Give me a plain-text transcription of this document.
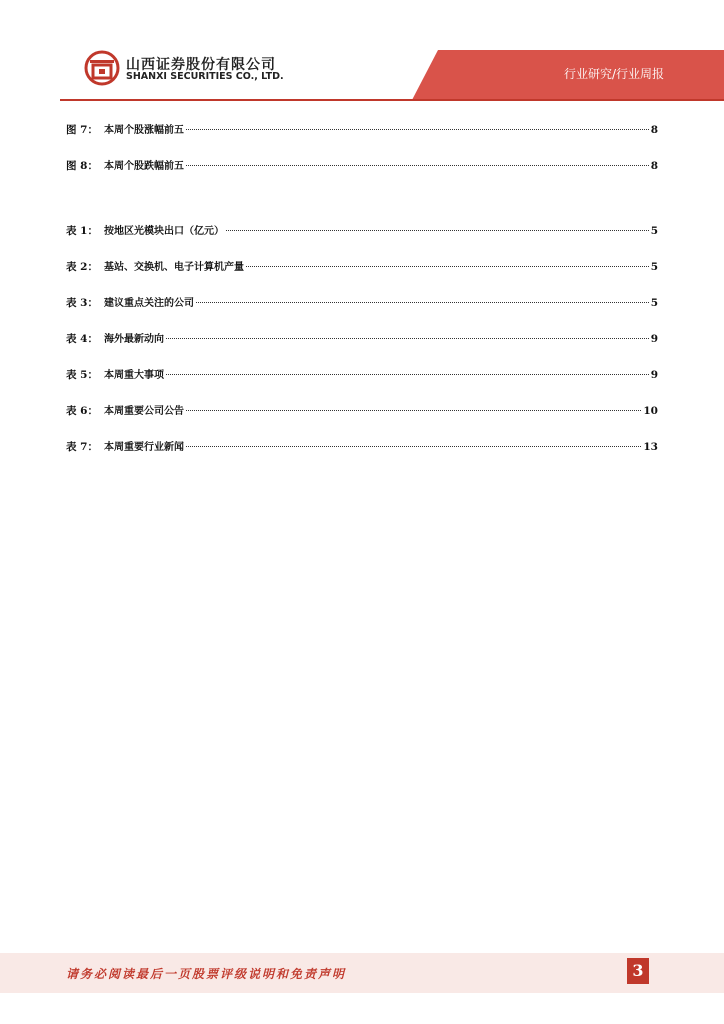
山西证券股份有限公司
SHANXI SECURITIES CO., LTD.	行业研究/行业周报
图 7： 本周个股涨幅前五	8
图 8： 本周个股跌幅前五	8
表 1： 按地区光模块出口（亿元）	5
表 2： 基站、交换机、电子计算机产量	5
表 3： 建议重点关注的公司	5
表 4： 海外最新动向	9
表 5： 本周重大事项	9
表 6： 本周重要公司公告	10
表 7： 本周重要行业新闻	13
请务必阅读最后一页股票评级说明和免责声明	3
